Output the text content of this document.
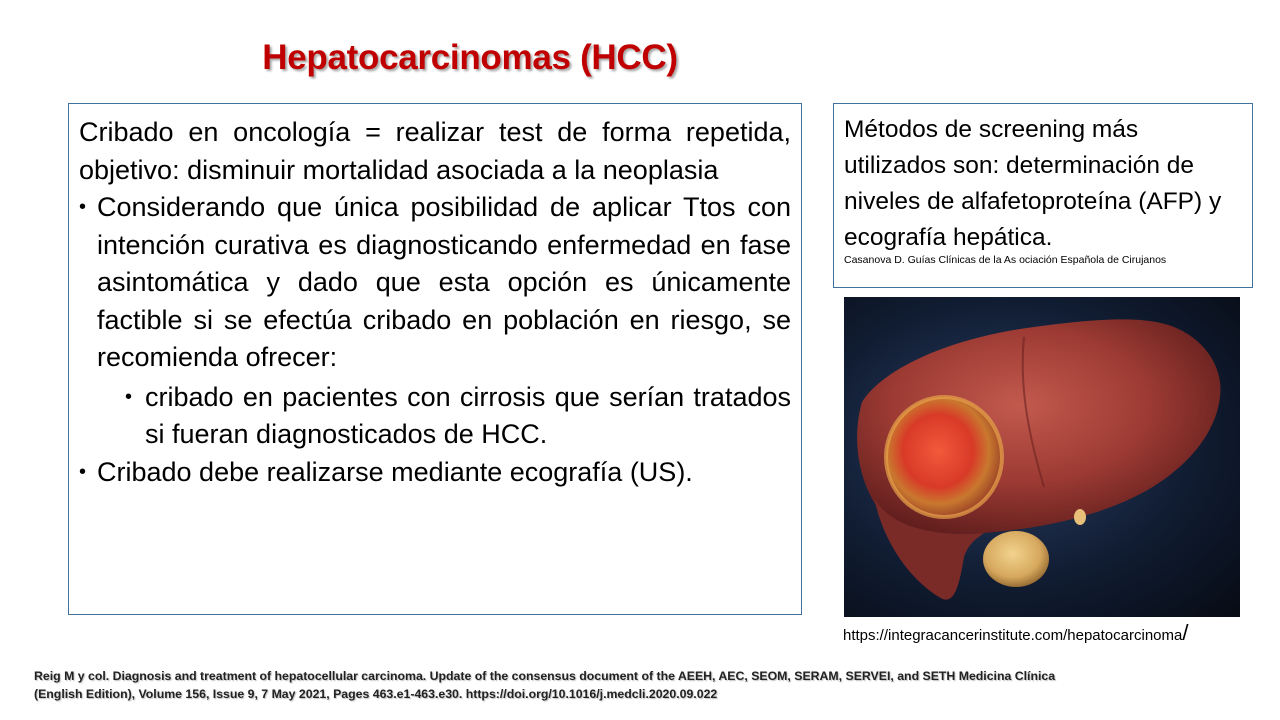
Hepatocarcinomas (HCC)

Cribado en oncología = realizar test de forma repetida, objetivo: disminuir mortalidad asociada a la neoplasia

• Considerando que única posibilidad de aplicar Ttos con intención curativa es diagnosticando enfermedad en fase asintomática y dado que esta opción es únicamente factible si se efectúa cribado en población en riesgo, se recomienda ofrecer:
• cribado en pacientes con cirrosis que serían tratados si fueran diagnosticados de HCC.
• Cribado debe realizarse mediante ecografía (US).
Métodos de screening más utilizados son: determinación de niveles de alfafetoproteína (AFP) y ecografía hepática.
Casanova D. Guías Clínicas de la As ociación Española de Cirujanos
https://integracancerinstitute.com/hepatocarcinoma/
Reig M y col. Diagnosis and treatment of hepatocellular carcinoma. Update of the consensus document of the AEEH, AEC, SEOM, SERAM, SERVEI, and SETH Medicina Clínica
(English Edition), Volume 156, Issue 9, 7 May 2021, Pages 463.e1-463.e30. https://doi.org/10.1016/j.medcli.2020.09.022
